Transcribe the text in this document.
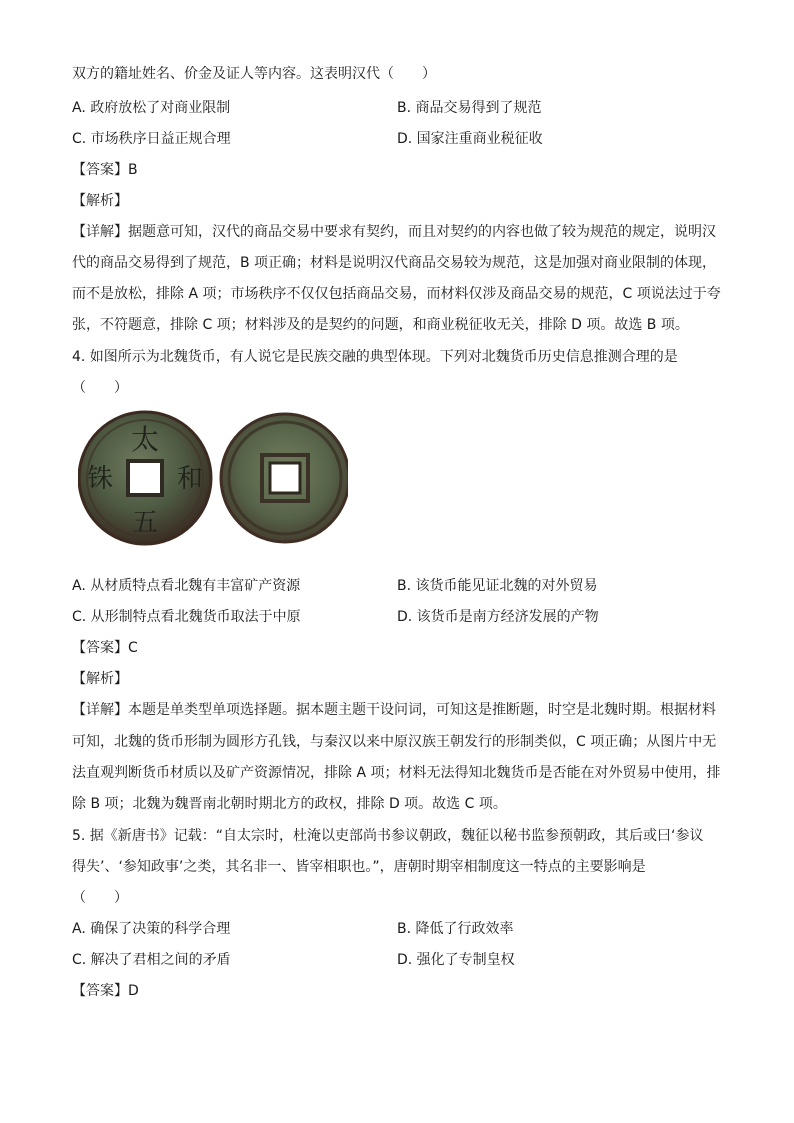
双方的籍址姓名、价金及证人等内容。这表明汉代（　　）
A. 政府放松了对商业限制	B. 商品交易得到了规范
C. 市场秩序日益正规合理	D. 国家注重商业税征收
【答案】B
【解析】
【详解】据题意可知，汉代的商品交易中要求有契约，而且对契约的内容也做了较为规范的规定，说明汉
代的商品交易得到了规范，B 项正确；材料是说明汉代商品交易较为规范，这是加强对商业限制的体现，
而不是放松，排除 A 项；市场秩序不仅仅包括商品交易，而材料仅涉及商品交易的规范，C 项说法过于夸
张，不符题意，排除 C 项；材料涉及的是契约的问题，和商业税征收无关，排除 D 项。故选 B 项。
4. 如图所示为北魏货币，有人说它是民族交融的典型体现。下列对北魏货币历史信息推测合理的是
（　　）
太
和
五
铢
A. 从材质特点看北魏有丰富矿产资源	B. 该货币能见证北魏的对外贸易
C. 从形制特点看北魏货币取法于中原	D. 该货币是南方经济发展的产物
【答案】C
【解析】
【详解】本题是单类型单项选择题。据本题主题干设问词，可知这是推断题，时空是北魏时期。根据材料
可知，北魏的货币形制为圆形方孔钱，与秦汉以来中原汉族王朝发行的形制类似，C 项正确；从图片中无
法直观判断货币材质以及矿产资源情况，排除 A 项；材料无法得知北魏货币是否能在对外贸易中使用，排
除 B 项；北魏为魏晋南北朝时期北方的政权，排除 D 项。故选 C 项。
5. 据《新唐书》记载：“自太宗时，杜淹以吏部尚书参议朝政，魏征以秘书监参预朝政，其后或曰‘参议
得失’、‘参知政事’之类，其名非一、皆宰相职也。”，唐朝时期宰相制度这一特点的主要影响是
（　　）
A. 确保了决策的科学合理	B. 降低了行政效率
C. 解决了君相之间的矛盾	D. 强化了专制皇权
【答案】D
